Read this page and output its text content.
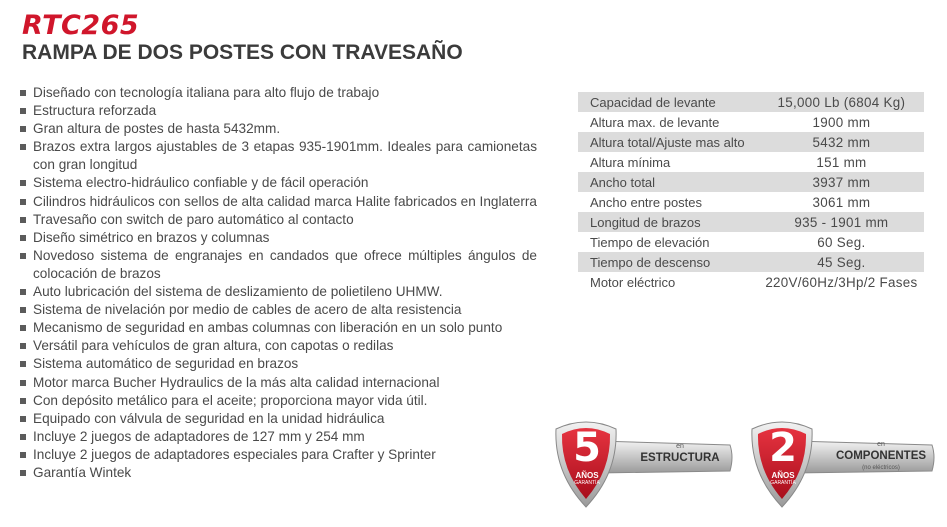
RTC265
RAMPA DE DOS POSTES CON TRAVESAÑO
Diseñado con tecnología italiana para alto flujo de trabajo
Estructura reforzada
Gran altura de postes de hasta 5432mm.
Brazos extra largos ajustables de 3 etapas 935-1901mm. Ideales para camionetas con gran longitud
Sistema electro-hidráulico confiable y de fácil operación
Cilindros hidráulicos con sellos de alta calidad marca Halite fabricados en Inglaterra
Travesaño con switch de paro automático al contacto
Diseño simétrico en brazos y columnas
Novedoso sistema de engranajes en candados que ofrece múltiples ángulos de colocación de brazos
Auto lubricación del sistema de deslizamiento de polietileno UHMW.
Sistema de nivelación por medio de cables de acero de alta resistencia
Mecanismo de seguridad en ambas columnas con liberación en un solo punto
Versátil para vehículos de gran altura, con capotas o redilas
Sistema automático de seguridad en brazos
Motor marca Bucher Hydraulics de la más alta calidad internacional
Con depósito metálico para el aceite; proporciona mayor vida útil.
Equipado con válvula de seguridad en la unidad hidráulica
Incluye 2 juegos de adaptadores de 127 mm y 254 mm
Incluye 2 juegos de adaptadores especiales para Crafter y Sprinter
Garantía Wintek
Capacidad de levante	15,000 Lb (6804 Kg)
Altura max. de levante	1900 mm
Altura total/Ajuste mas alto	5432 mm
Altura mínima	151 mm
Ancho total	3937 mm
Ancho entre postes	3061 mm
Longitud de brazos	935 - 1901 mm
Tiempo de elevación	60 Seg.
Tiempo de descenso	45 Seg.
Motor eléctrico	220V/60Hz/3Hp/2 Fases
5
AÑOS
GARANTÍA
en
ESTRUCTURA 2
AÑOS
GARANTÍA
en
COMPONENTES
(no eléctricos)
